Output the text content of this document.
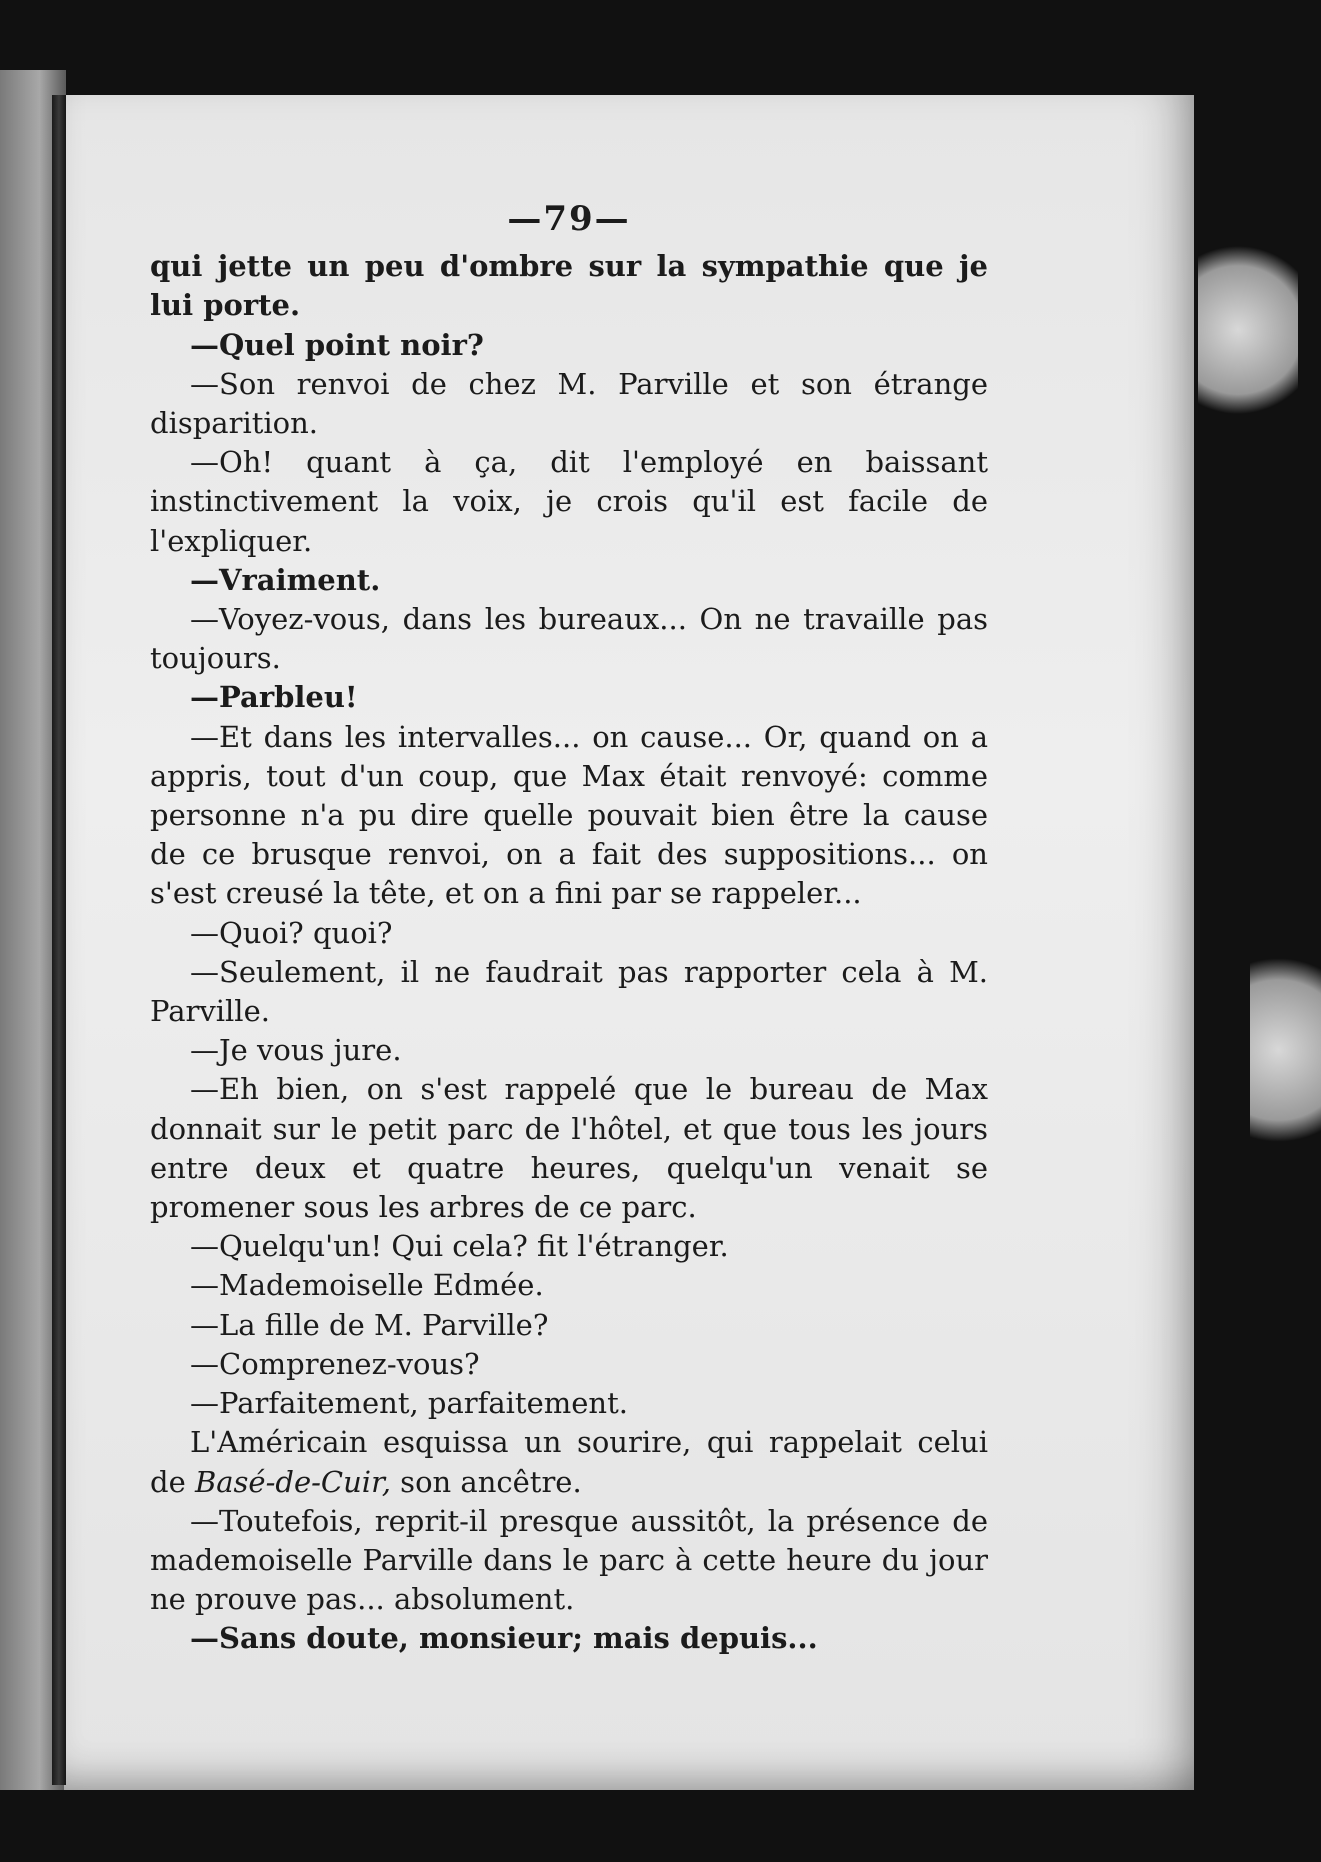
—79—

qui jette un peu d'ombre sur la sympathie que je lui porte.

—Quel point noir?

—Son renvoi de chez M. Parville et son étrange disparition.

—Oh! quant à ça, dit l'employé en baissant instinctivement la voix, je crois qu'il est facile de l'expliquer.

—Vraiment.

—Voyez-vous, dans les bureaux... On ne travaille pas toujours.

—Parbleu!

—Et dans les intervalles... on cause... Or, quand on a appris, tout d'un coup, que Max était renvoyé: comme personne n'a pu dire quelle pouvait bien être la cause de ce brusque renvoi, on a fait des suppositions... on s'est creusé la tête, et on a fini par se rappeler...

—Quoi? quoi?

—Seulement, il ne faudrait pas rapporter cela à M. Parville.

—Je vous jure.

—Eh bien, on s'est rappelé que le bureau de Max donnait sur le petit parc de l'hôtel, et que tous les jours entre deux et quatre heures, quelqu'un venait se promener sous les arbres de ce parc.

—Quelqu'un! Qui cela? fit l'étranger.

—Mademoiselle Edmée.

—La fille de M. Parville?

—Comprenez-vous?

—Parfaitement, parfaitement.

L'Américain esquissa un sourire, qui rappelait celui de Basé-de-Cuir, son ancêtre.

—Toutefois, reprit-il presque aussitôt, la présence de mademoiselle Parville dans le parc à cette heure du jour ne prouve pas... absolument.

—Sans doute, monsieur; mais depuis...
